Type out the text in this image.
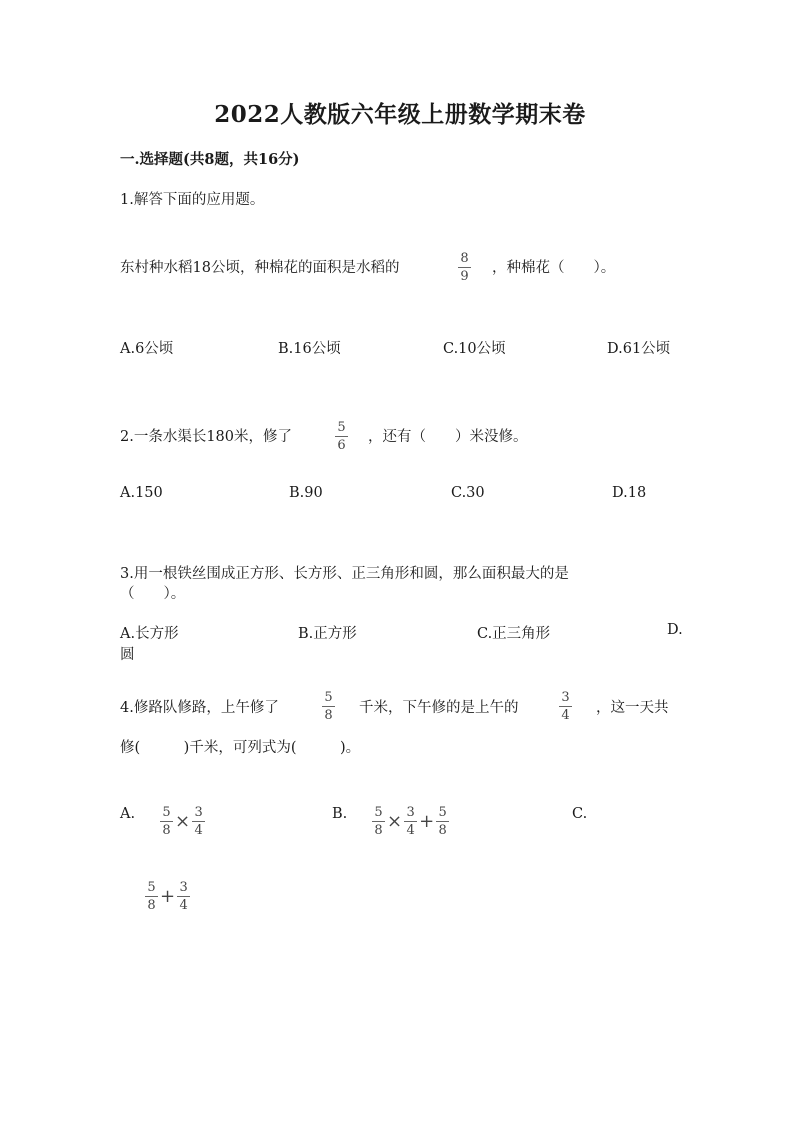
2022人教版六年级上册数学期末卷
一.选择题(共8题，共16分)
1.解答下面的应用题。
东村种水稻18公顷，种棉花的面积是水稻的	$\frac{8}{9}$ ，种棉花（　　）。
A.6公顷	B.16公顷	C.10公顷	D.61公顷
2.一条水渠长180米，修了	$\frac{5}{6}$ ，还有（　　）米没修。
A.150	B.90	C.30	D.18
3.用一根铁丝围成正方形、长方形、正三角形和圆，那么面积最大的是
（　　）。
A.长方形	B.正方形	C.正三角形	D.
圆
4.修路队修路，上午修了	$\frac{5}{8}$ 千米，下午修的是上午的	$\frac{3}{4}$ ，这一天共
修(　　　)千米，可列式为(　　　)。
A. $\frac{5}{8} \times \frac{3}{4}$	B. $\frac{5}{8} \times \frac{3}{4} + \frac{5}{8}$	C.
$\frac{5}{8} + \frac{3}{4}$
